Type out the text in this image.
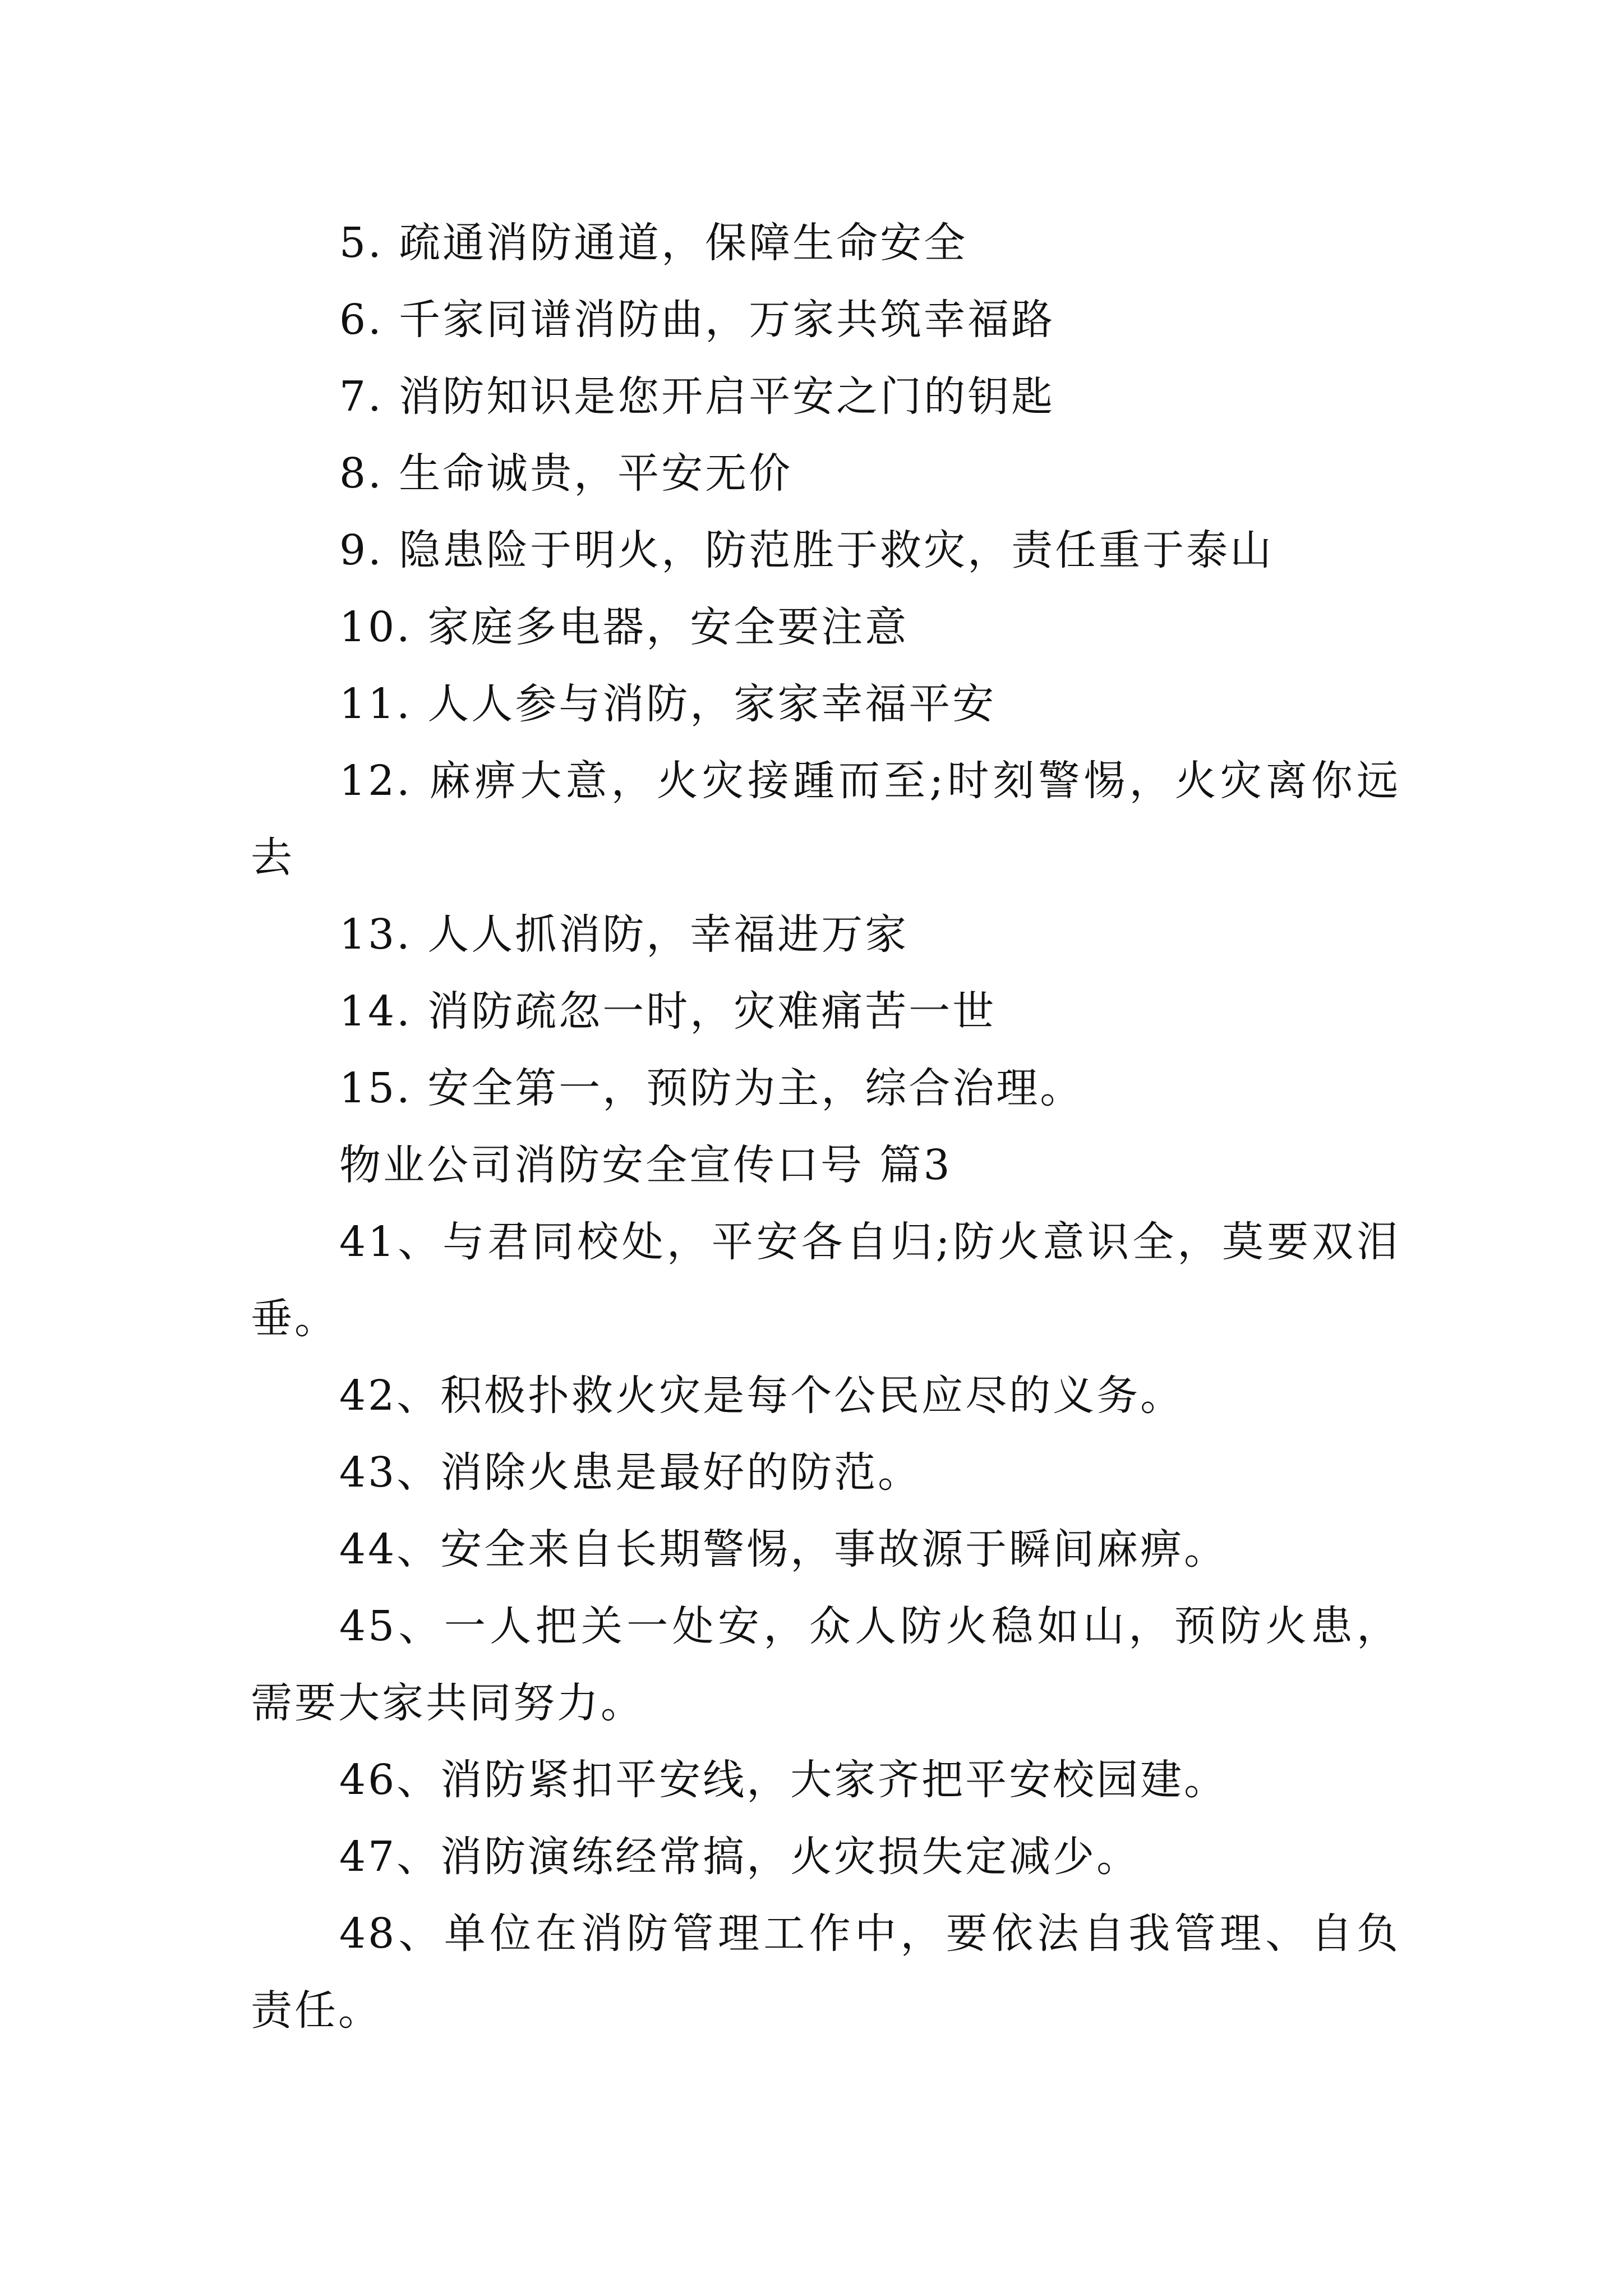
5. 疏通消防通道，保障生命安全

6. 千家同谱消防曲，万家共筑幸福路

7. 消防知识是您开启平安之门的钥匙

8. 生命诚贵，平安无价

9. 隐患险于明火，防范胜于救灾，责任重于泰山

10. 家庭多电器，安全要注意

11. 人人参与消防，家家幸福平安

12. 麻痹大意，火灾接踵而至;时刻警惕，火灾离你远去

13. 人人抓消防，幸福进万家

14. 消防疏忽一时，灾难痛苦一世

15. 安全第一，预防为主，综合治理。

物业公司消防安全宣传口号 篇3

41、与君同校处，平安各自归;防火意识全，莫要双泪垂。

42、积极扑救火灾是每个公民应尽的义务。

43、消除火患是最好的防范。

44、安全来自长期警惕，事故源于瞬间麻痹。

45、一人把关一处安，众人防火稳如山，预防火患，需要大家共同努力。

46、消防紧扣平安线，大家齐把平安校园建。

47、消防演练经常搞，火灾损失定减少。

48、单位在消防管理工作中，要依法自我管理、自负责任。
